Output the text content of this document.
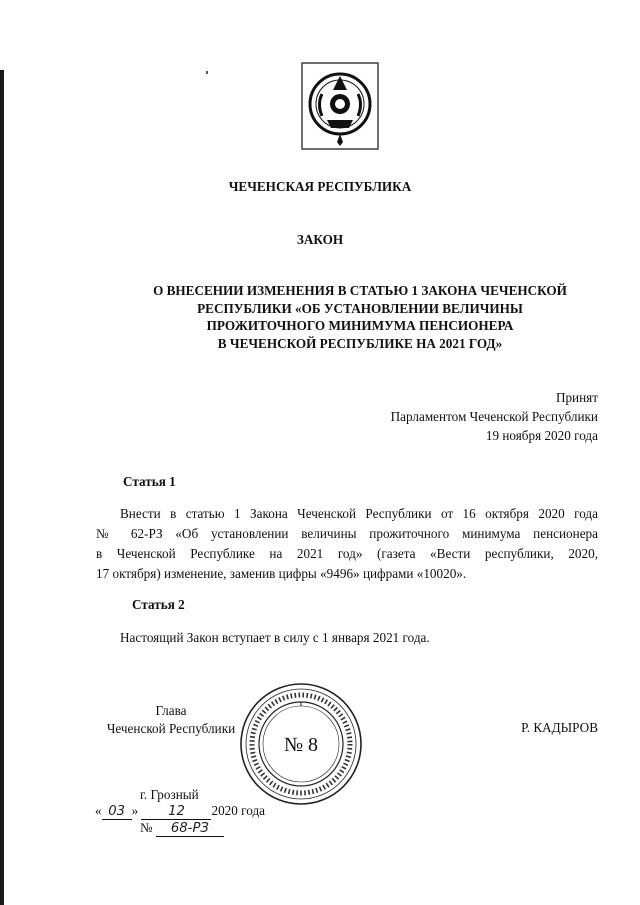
ЧЕЧЕНСКАЯ РЕСПУБЛИКА
ЗАКОН
О ВНЕСЕНИИ ИЗМЕНЕНИЯ В СТАТЬЮ 1 ЗАКОНА ЧЕЧЕНСКОЙ
РЕСПУБЛИКИ «ОБ УСТАНОВЛЕНИИ ВЕЛИЧИНЫ
ПРОЖИТОЧНОГО МИНИМУМА ПЕНСИОНЕРА
В ЧЕЧЕНСКОЙ РЕСПУБЛИКЕ НА 2021 ГОД»
Принят
Парламентом Чеченской Республики
19 ноября 2020 года
Статья 1
Внести в статью 1 Закона Чеченской Республики от 16 октября 2020 года
№ 62-РЗ «Об установлении величины прожиточного минимума пенсионера
в Чеченской Республике на 2021 год» (газета «Вести республики, 2020,
17 октября) изменение, заменив цифры «9496» цифрами «10020».
Статья 2
Настоящий Закон вступает в силу с 1 января 2021 года.
Глава
Чеченской Республики	Р. КАДЫРОВ
№ 8
г. Грозный
« 03 » 12 2020 года
№ 68-РЗ
